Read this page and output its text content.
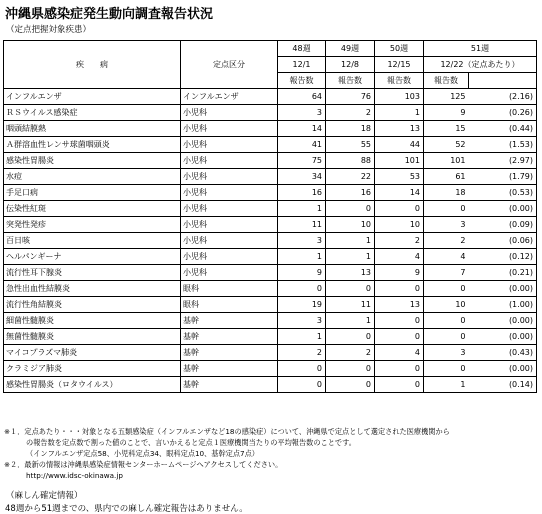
沖縄県感染症発生動向調査報告状況
（定点把握対象疾患）
疾　　病	定点区分	48週	49週	50週	51週	
		12/1	12/8	12/15	12/22（定点あたり）	
		報告数	報告数	報告数	報告数	
インフルエンザ	インフルエンザ	64	76	103	125	(2.16)
ＲＳウイルス感染症	小児科	3	2	1	9	(0.26)
咽頭結膜熱	小児科	14	18	13	15	(0.44)
Ａ群溶血性レンサ球菌咽頭炎	小児科	41	55	44	52	(1.53)
感染性胃腸炎	小児科	75	88	101	101	(2.97)
水痘	小児科	34	22	53	61	(1.79)
手足口病	小児科	16	16	14	18	(0.53)
伝染性紅斑	小児科	1	0	0	0	(0.00)
突発性発疹	小児科	11	10	10	3	(0.09)
百日咳	小児科	3	1	2	2	(0.06)
ヘルパンギーナ	小児科	1	1	4	4	(0.12)
流行性耳下腺炎	小児科	9	13	9	7	(0.21)
急性出血性結膜炎	眼科	0	0	0	0	(0.00)
流行性角結膜炎	眼科	19	11	13	10	(1.00)
細菌性髄膜炎	基幹	3	1	0	0	(0.00)
無菌性髄膜炎	基幹	1	0	0	0	(0.00)
マイコプラズマ肺炎	基幹	2	2	4	3	(0.43)
クラミジア肺炎	基幹	0	0	0	0	(0.00)
感染性胃腸炎（ロタウイルス）	基幹	0	0	0	1	(0.14)
※１．定点あたり・・・対象となる五類感染症（インフルエンザなど18の感染症）について、沖縄県で定点として選定された医療機関から
の報告数を定点数で割った値のことで、言いかえると定点１医療機関当たりの平均報告数のことです。
（インフルエンザ定点58、小児科定点34、眼科定点10、基幹定点7点）
※２．最新の情報は沖縄県感染症情報センターホームページへアクセスしてください。
http://www.idsc-okinawa.jp
（麻しん確定情報）
48週から51週までの、県内での麻しん確定報告はありません。
